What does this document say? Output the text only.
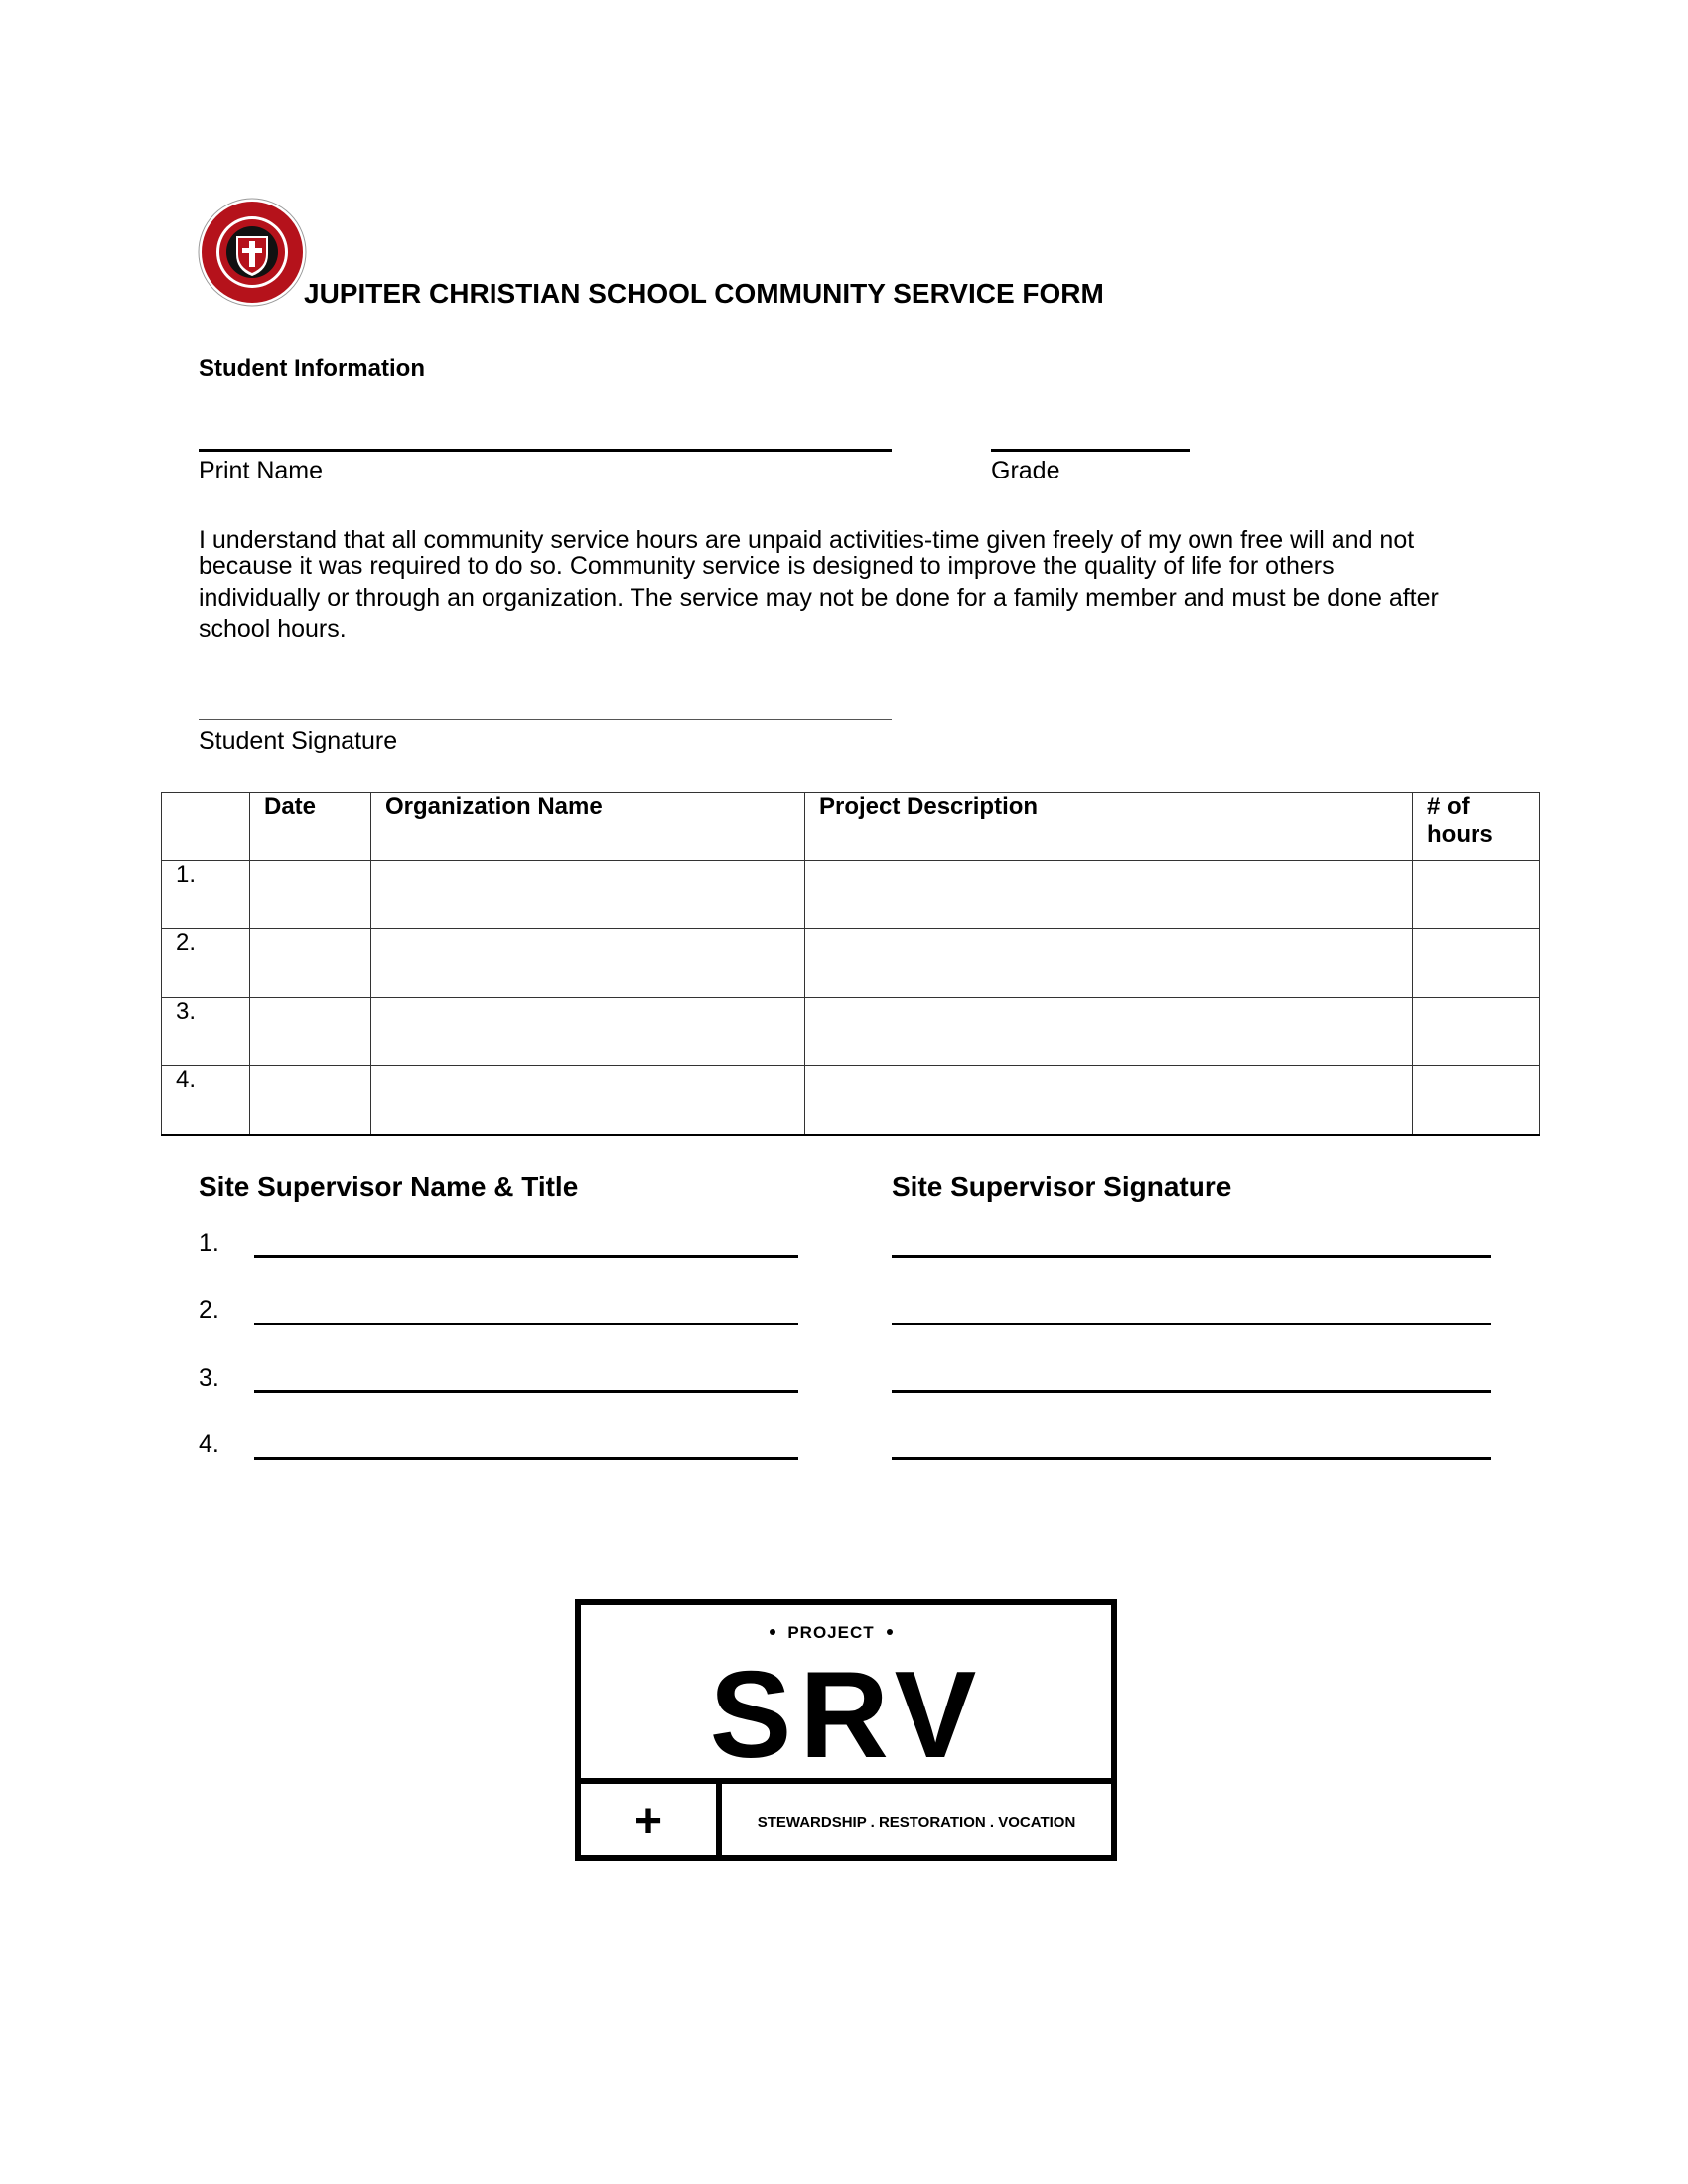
JUPITER CHRISTIAN SCHOOL COMMUNITY SERVICE FORM
Student Information
Print Name	Grade

I understand that all community service hours are unpaid activities-time given freely of my own free will and not

because it was required to do so. Community service is designed to improve the quality of life for others

individually or through an organization. The service may not be done for a family member and must be done after

school hours.

Student Signature
	Date	Organization Name	Project Description	# of hours
1.				
2.				
3.				
4.				
Site Supervisor Name & Title	Site Supervisor Signature
1.
2.
3.
4.
PROJECT
SRV
+	STEWARDSHIP . RESTORATION . VOCATION
